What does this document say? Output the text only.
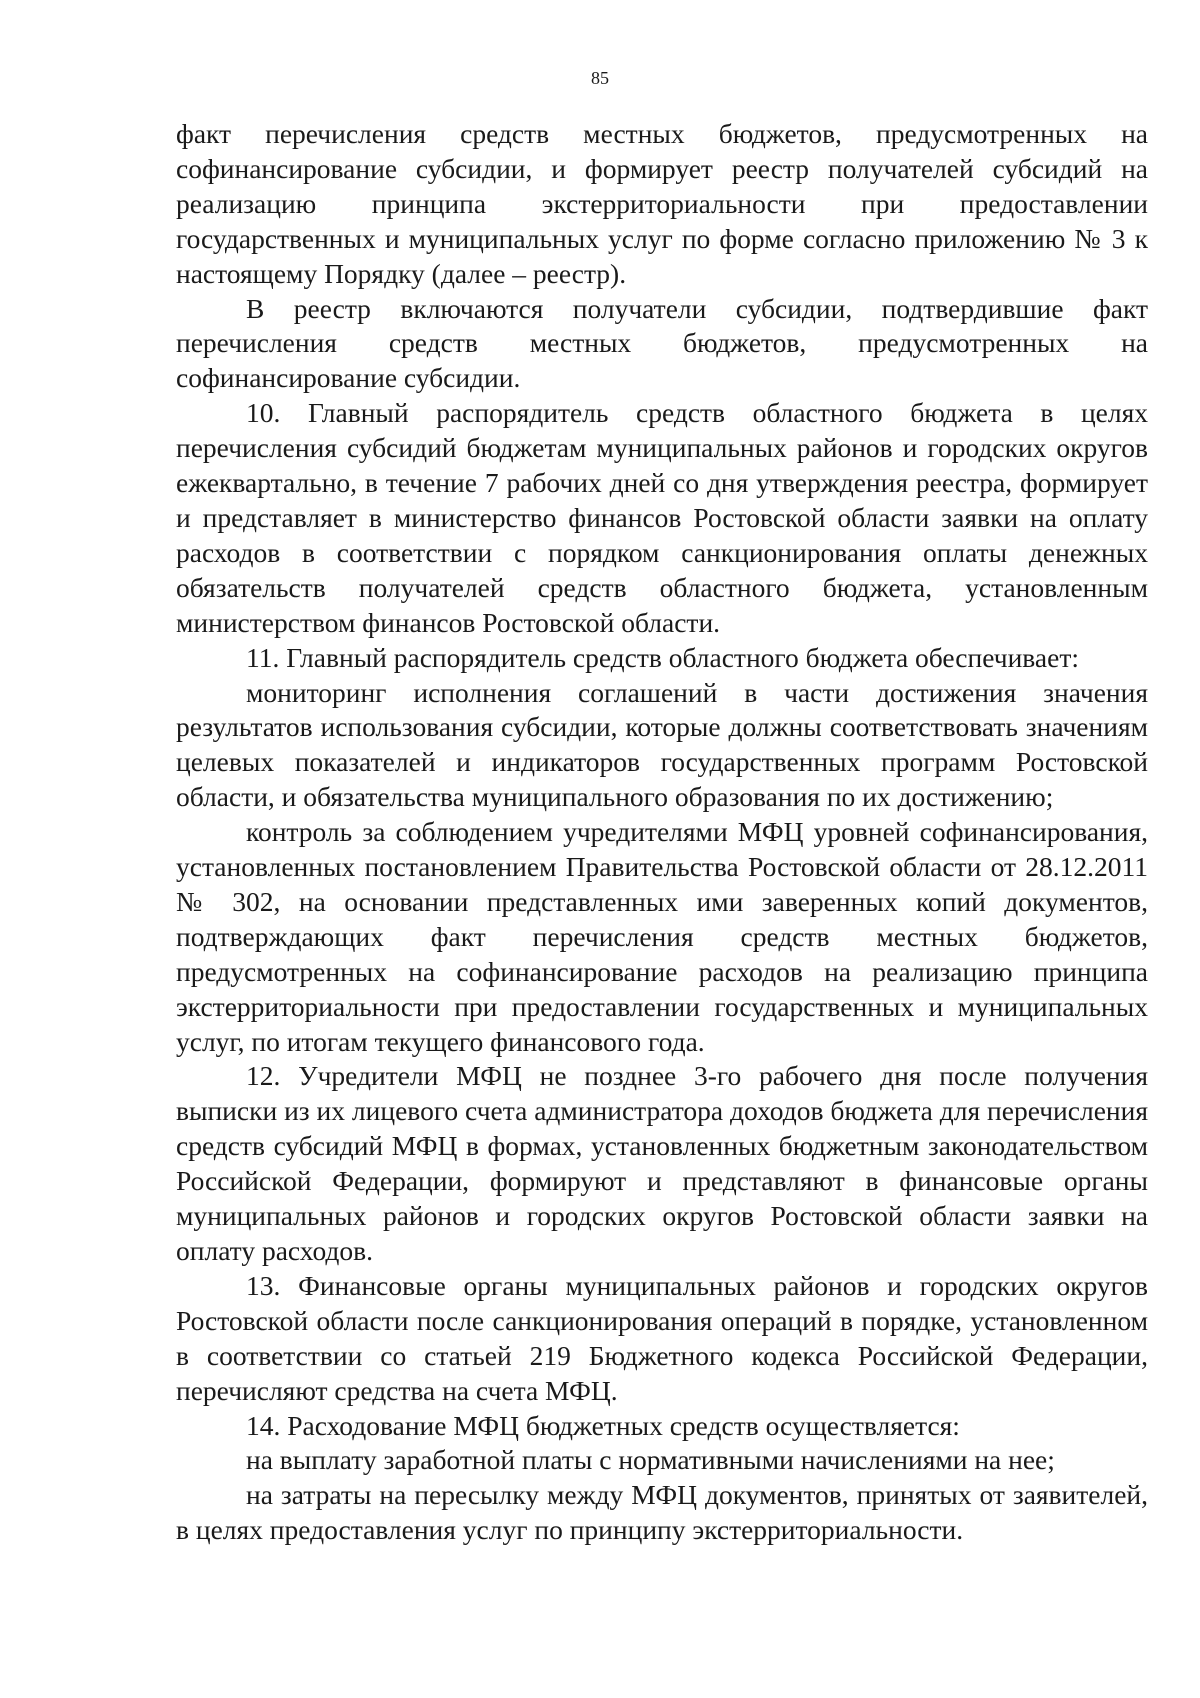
85

факт перечисления средств местных бюджетов, предусмотренных на софинансирование субсидии, и формирует реестр получателей субсидий на реализацию принципа экстерриториальности при предоставлении государственных и муниципальных услуг по форме согласно приложению № 3 к настоящему Порядку (далее – реестр).

В реестр включаются получатели субсидии, подтвердившие факт перечисления средств местных бюджетов, предусмотренных на софинансирование субсидии.

10. Главный распорядитель средств областного бюджета в целях перечисления субсидий бюджетам муниципальных районов и городских округов ежеквартально, в течение 7 рабочих дней со дня утверждения реестра, формирует и представляет в министерство финансов Ростовской области заявки на оплату расходов в соответствии с порядком санкционирования оплаты денежных обязательств получателей средств областного бюджета, установленным министерством финансов Ростовской области.

11. Главный распорядитель средств областного бюджета обеспечивает:

мониторинг исполнения соглашений в части достижения значения результатов использования субсидии, которые должны соответствовать значениям целевых показателей и индикаторов государственных программ Ростовской области, и обязательства муниципального образования по их достижению;

контроль за соблюдением учредителями МФЦ уровней софинансирования, установленных постановлением Правительства Ростовской области от 28.12.2011 № 302, на основании представленных ими заверенных копий документов, подтверждающих факт перечисления средств местных бюджетов, предусмотренных на софинансирование расходов на реализацию принципа экстерриториальности при предоставлении государственных и муниципальных услуг, по итогам текущего финансового года.

12. Учредители МФЦ не позднее 3-го рабочего дня после получения выписки из их лицевого счета администратора доходов бюджета для перечисления средств субсидий МФЦ в формах, установленных бюджетным законодательством Российской Федерации, формируют и представляют в финансовые органы муниципальных районов и городских округов Ростовской области заявки на оплату расходов.

13. Финансовые органы муниципальных районов и городских округов Ростовской области после санкционирования операций в порядке, установленном в соответствии со статьей 219 Бюджетного кодекса Российской Федерации, перечисляют средства на счета МФЦ.

14. Расходование МФЦ бюджетных средств осуществляется:

на выплату заработной платы с нормативными начислениями на нее;

на затраты на пересылку между МФЦ документов, принятых от заявителей, в целях предоставления услуг по принципу экстерриториальности.
